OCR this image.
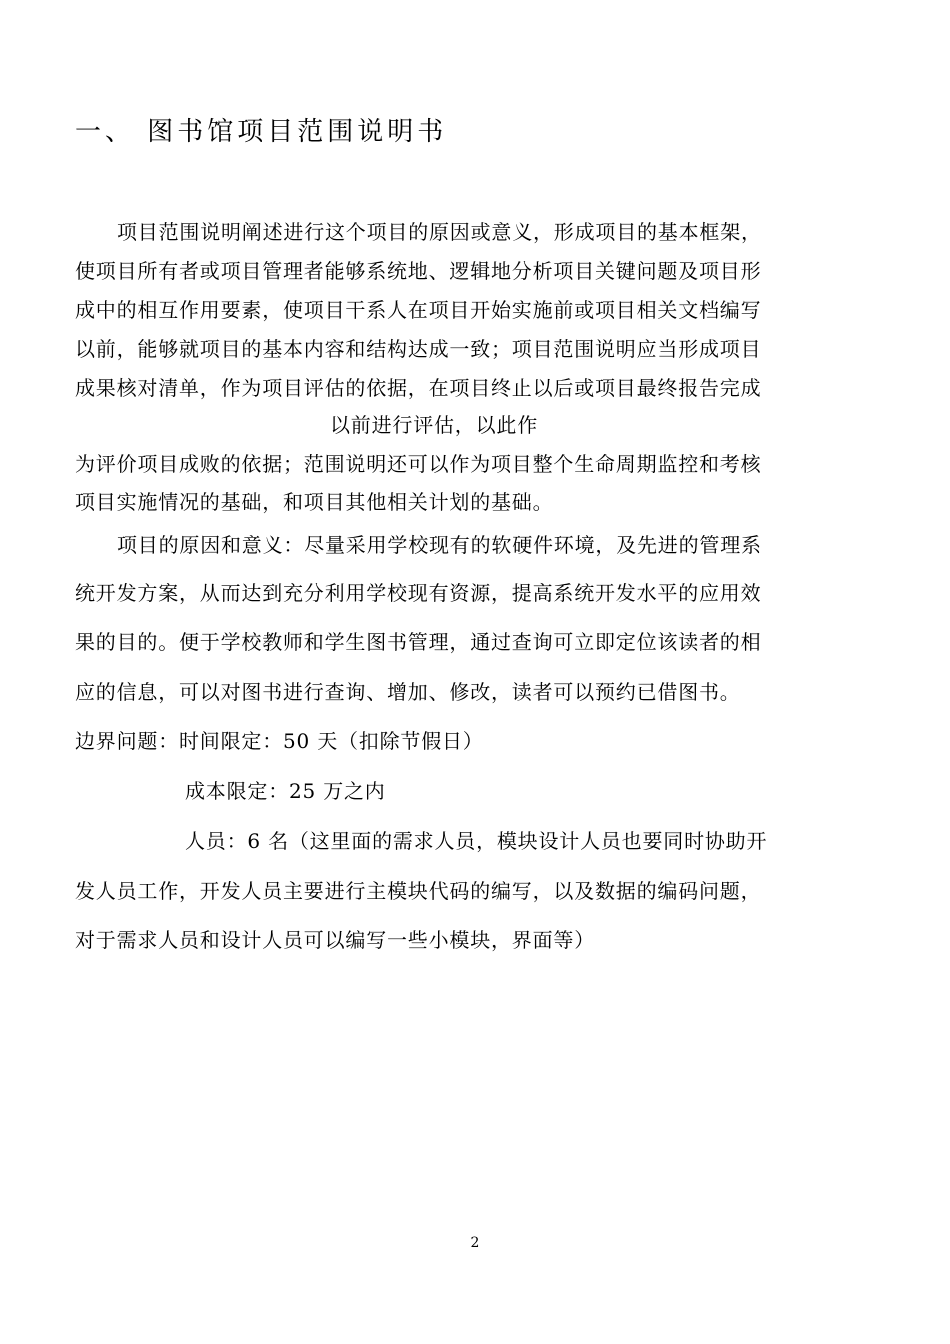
一、 图书馆项目范围说明书
项目范围说明阐述进行这个项目的原因或意义，形成项目的基本框架，
使项目所有者或项目管理者能够系统地、逻辑地分析项目关键问题及项目形
成中的相互作用要素，使项目干系人在项目开始实施前或项目相关文档编写
以前，能够就项目的基本内容和结构达成一致；项目范围说明应当形成项目
成果核对清单，作为项目评估的依据，在项目终止以后或项目最终报告完成
以前进行评估，以此作
为评价项目成败的依据；范围说明还可以作为项目整个生命周期监控和考核
项目实施情况的基础，和项目其他相关计划的基础。
项目的原因和意义：尽量采用学校现有的软硬件环境，及先进的管理系
统开发方案，从而达到充分利用学校现有资源，提高系统开发水平的应用效
果的目的。便于学校教师和学生图书管理，通过查询可立即定位该读者的相
应的信息，可以对图书进行查询、增加、修改，读者可以预约已借图书。
边界问题：时间限定：50 天（扣除节假日）
成本限定：25 万之内
人员：6 名（这里面的需求人员，模块设计人员也要同时协助开
发人员工作，开发人员主要进行主模块代码的编写，以及数据的编码问题，
对于需求人员和设计人员可以编写一些小模块，界面等）
2
